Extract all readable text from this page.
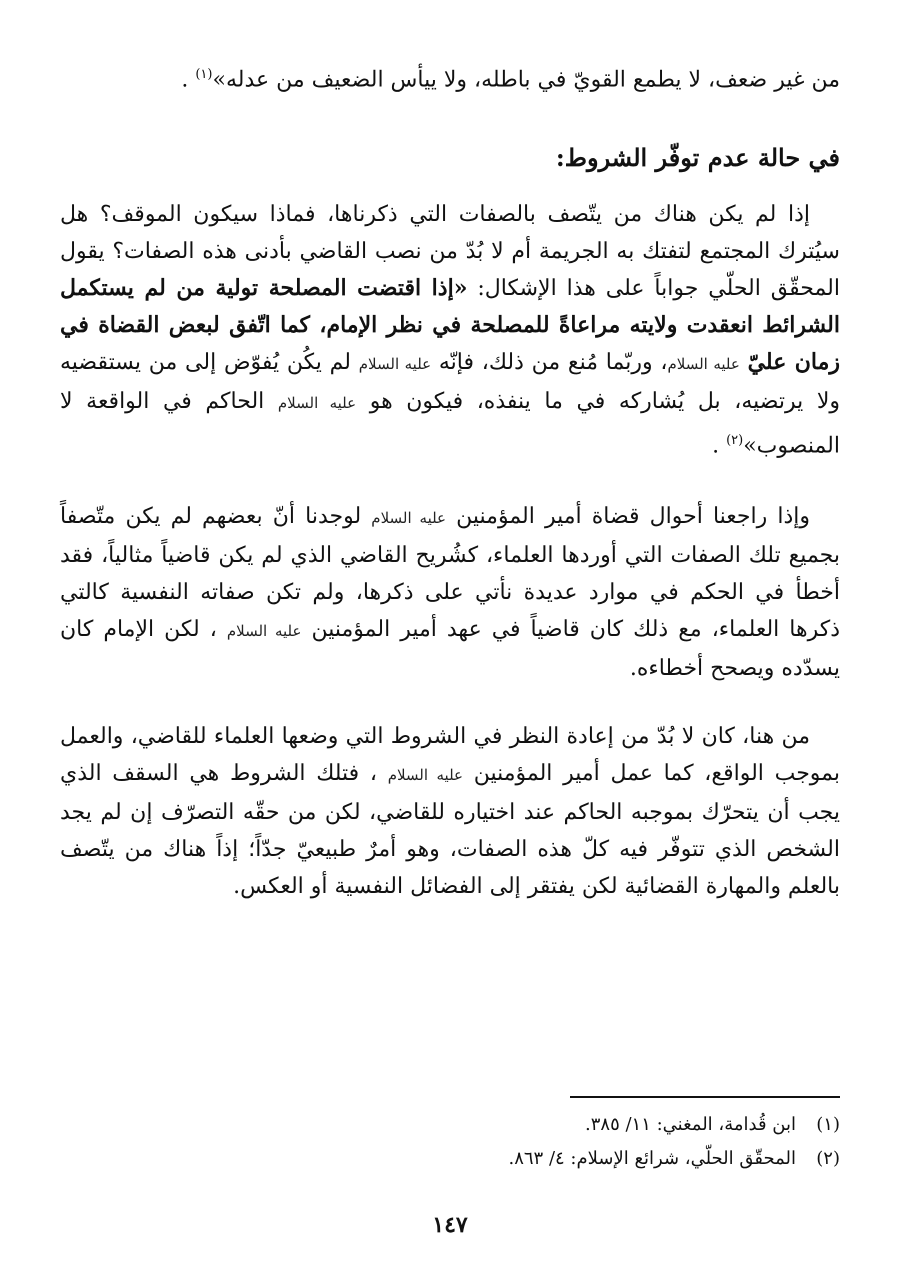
من غير ضعف، لا يطمع القويّ في باطله، ولا ييأس الضعيف من عدله»$^{(١)}$ .

في حالة عدم توفّر الشروط:

إذا لم يكن هناك من يتّصف بالصفات التي ذكرناها، فماذا سيكون الموقف؟ هل سيُترك المجتمع لتفتك به الجريمة أم لا بُدّ من نصب القاضي بأدنى هذه الصفات؟ يقول المحقّق الحلّي جواباً على هذا الإشكال: «إذا اقتضت المصلحة تولية من لم يستكمل الشرائط انعقدت ولايته مراعاةً للمصلحة في نظر الإمام، كما اتّفق لبعض القضاة في زمان عليّ عليه السلام، وربّما مُنع من ذلك، فإنّه عليه السلام لم يكُن يُفوّض إلى من يستقضيه ولا يرتضيه، بل يُشاركه في ما ينفذه، فيكون هو عليه السلام الحاكم في الواقعة لا المنصوب»$^{(٢)}$ .

وإذا راجعنا أحوال قضاة أمير المؤمنين عليه السلام لوجدنا أنّ بعضهم لم يكن متّصفاً بجميع تلك الصفات التي أوردها العلماء، كشُريح القاضي الذي لم يكن قاضياً مثالياً، فقد أخطأ في الحكم في موارد عديدة نأتي على ذكرها، ولم تكن صفاته النفسية كالتي ذكرها العلماء، مع ذلك كان قاضياً في عهد أمير المؤمنين عليه السلام ، لكن الإمام كان يسدّده ويصحح أخطاءه.

من هنا، كان لا بُدّ من إعادة النظر في الشروط التي وضعها العلماء للقاضي، والعمل بموجب الواقع، كما عمل أمير المؤمنين عليه السلام ، فتلك الشروط هي السقف الذي يجب أن يتحرّك بموجبه الحاكم عند اختياره للقاضي، لكن من حقّه التصرّف إن لم يجد الشخص الذي تتوفّر فيه كلّ هذه الصفات، وهو أمرٌ طبيعيّ جدّاً؛ إذاً هناك من يتّصف بالعلم والمهارة القضائية لكن يفتقر إلى الفضائل النفسية أو العكس.

(١)ابن قُدامة، المغني: ١١/ ٣٨٥.
(٢)المحقّق الحلّي، شرائع الإسلام: ٤/ ٨٦٣.
١٤٧
